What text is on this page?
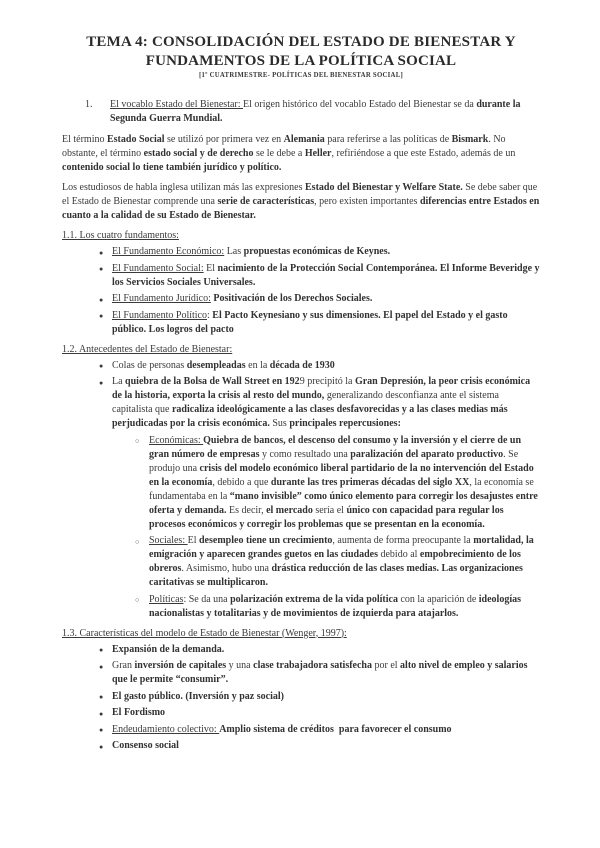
TEMA 4: CONSOLIDACIÓN DEL ESTADO DE BIENESTAR Y
FUNDAMENTOS DE LA POLÍTICA SOCIAL
[1º CUATRIMESTRE- POLÍTICAS DEL BIENESTAR SOCIAL]
1. El vocablo Estado del Bienestar: El origen histórico del vocablo Estado del Bienestar se da durante la Segunda Guerra Mundial.
El término Estado Social se utilizó por primera vez en Alemania para referirse a las políticas de Bismark. No obstante, el término estado social y de derecho se le debe a Heller, refiriéndose a que este Estado, además de un contenido social lo tiene también jurídico y político.
Los estudiosos de habla inglesa utilizan más las expresiones Estado del Bienestar y Welfare State. Se debe saber que el Estado de Bienestar comprende una serie de características, pero existen importantes diferencias entre Estados en cuanto a la calidad de su Estado de Bienestar.
1.1. Los cuatro fundamentos:
● El Fundamento Económico: Las propuestas económicas de Keynes.
● El Fundamento Social: El nacimiento de la Protección Social Contemporánea. El Informe Beveridge y los Servicios Sociales Universales.
● El Fundamento Jurídico: Positivación de los Derechos Sociales.
● El Fundamento Político: El Pacto Keynesiano y sus dimensiones. El papel del Estado y el gasto público. Los logros del pacto
1.2. Antecedentes del Estado de Bienestar:
● Colas de personas desempleadas en la década de 1930
● La quiebra de la Bolsa de Wall Street en 1929 precipitó la Gran Depresión, la peor crisis económica de la historia, exporta la crisis al resto del mundo, generalizando desconfianza ante el sistema capitalista que radicaliza ideológicamente a las clases desfavorecidas y a las clases medias más perjudicadas por la crisis económica. Sus principales repercusiones:
○ Económicas: Quiebra de bancos, el descenso del consumo y la inversión y el cierre de un gran número de empresas y como resultado una paralización del aparato productivo. Se produjo una crisis del modelo económico liberal partidario de la no intervención del Estado en la economía, debido a que durante las tres primeras décadas del siglo XX, la economía se fundamentaba en la “mano invisible” como único elemento para corregir los desajustes entre oferta y demanda. Es decir, el mercado sería el único con capacidad para regular los procesos económicos y corregir los problemas que se presentan en la economía.
○ Sociales: El desempleo tiene un crecimiento, aumenta de forma preocupante la mortalidad, la emigración y aparecen grandes guetos en las ciudades debido al empobrecimiento de los obreros. Asimismo, hubo una drástica reducción de las clases medias. Las organizaciones caritativas se multiplicaron.
○ Políticas: Se da una polarización extrema de la vida política con la aparición de ideologías nacionalistas y totalitarias y de movimientos de izquierda para atajarlos.
1.3. Características del modelo de Estado de Bienestar (Wenger, 1997):
● Expansión de la demanda.
● Gran inversión de capitales y una clase trabajadora satisfecha por el alto nivel de empleo y salarios que le permite “consumir”.
● El gasto público. (Inversión y paz social)
● El Fordismo
● Endeudamiento colectivo: Amplio sistema de créditos  para favorecer el consumo
● Consenso social
